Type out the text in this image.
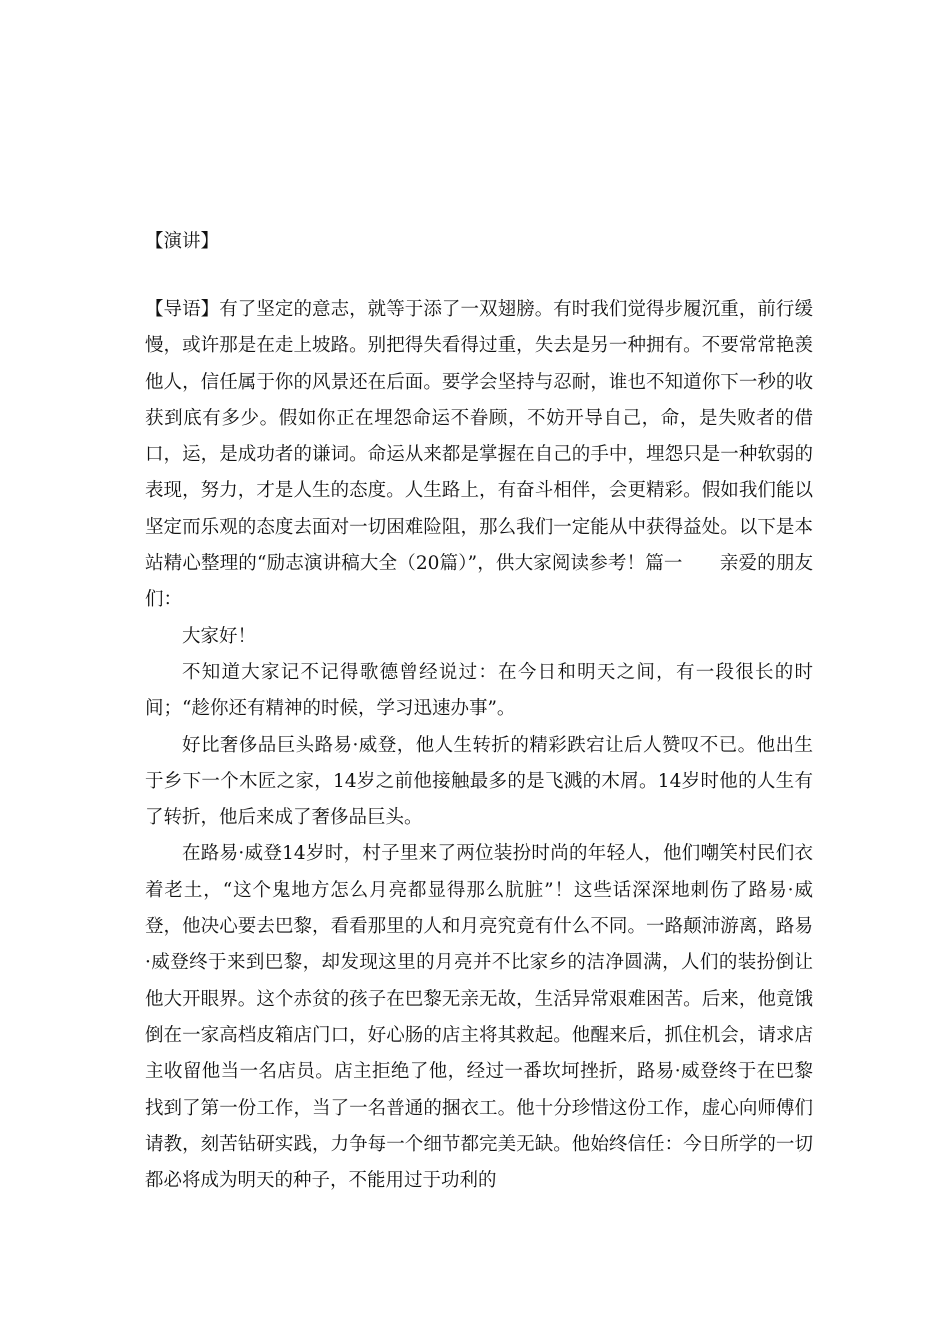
【演讲】

【导语】有了坚定的意志，就等于添了一双翅膀。有时我们觉得步履沉重，前行缓慢，或许那是在走上坡路。别把得失看得过重，失去是另一种拥有。不要常常艳羡他人，信任属于你的风景还在后面。要学会坚持与忍耐，谁也不知道你下一秒的收获到底有多少。假如你正在埋怨命运不眷顾，不妨开导自己，命，是失败者的借口，运，是成功者的谦词。命运从来都是掌握在自己的手中，埋怨只是一种软弱的表现，努力，才是人生的态度。人生路上，有奋斗相伴，会更精彩。假如我们能以坚定而乐观的态度去面对一切困难险阻，那么我们一定能从中获得益处。以下是本站精心整理的“励志演讲稿大全（20篇）”，供大家阅读参考！篇一　　亲爱的朋友们：

大家好！

不知道大家记不记得歌德曾经说过：在今日和明天之间，有一段很长的时间；“趁你还有精神的时候，学习迅速办事”。

好比奢侈品巨头路易·威登，他人生转折的精彩跌宕让后人赞叹不已。他出生于乡下一个木匠之家，14岁之前他接触最多的是飞溅的木屑。14岁时他的人生有了转折，他后来成了奢侈品巨头。

在路易·威登14岁时，村子里来了两位装扮时尚的年轻人，他们嘲笑村民们衣着老土，“这个鬼地方怎么月亮都显得那么肮脏”！这些话深深地刺伤了路易·威登，他决心要去巴黎，看看那里的人和月亮究竟有什么不同。一路颠沛游离，路易·威登终于来到巴黎，却发现这里的月亮并不比家乡的洁净圆满，人们的装扮倒让他大开眼界。这个赤贫的孩子在巴黎无亲无故，生活异常艰难困苦。后来，他竟饿倒在一家高档皮箱店门口，好心肠的店主将其救起。他醒来后，抓住机会，请求店主收留他当一名店员。店主拒绝了他，经过一番坎坷挫折，路易·威登终于在巴黎找到了第一份工作，当了一名普通的捆衣工。他十分珍惜这份工作，虚心向师傅们请教，刻苦钻研实践，力争每一个细节都完美无缺。他始终信任：今日所学的一切都必将成为明天的种子，不能用过于功利的
